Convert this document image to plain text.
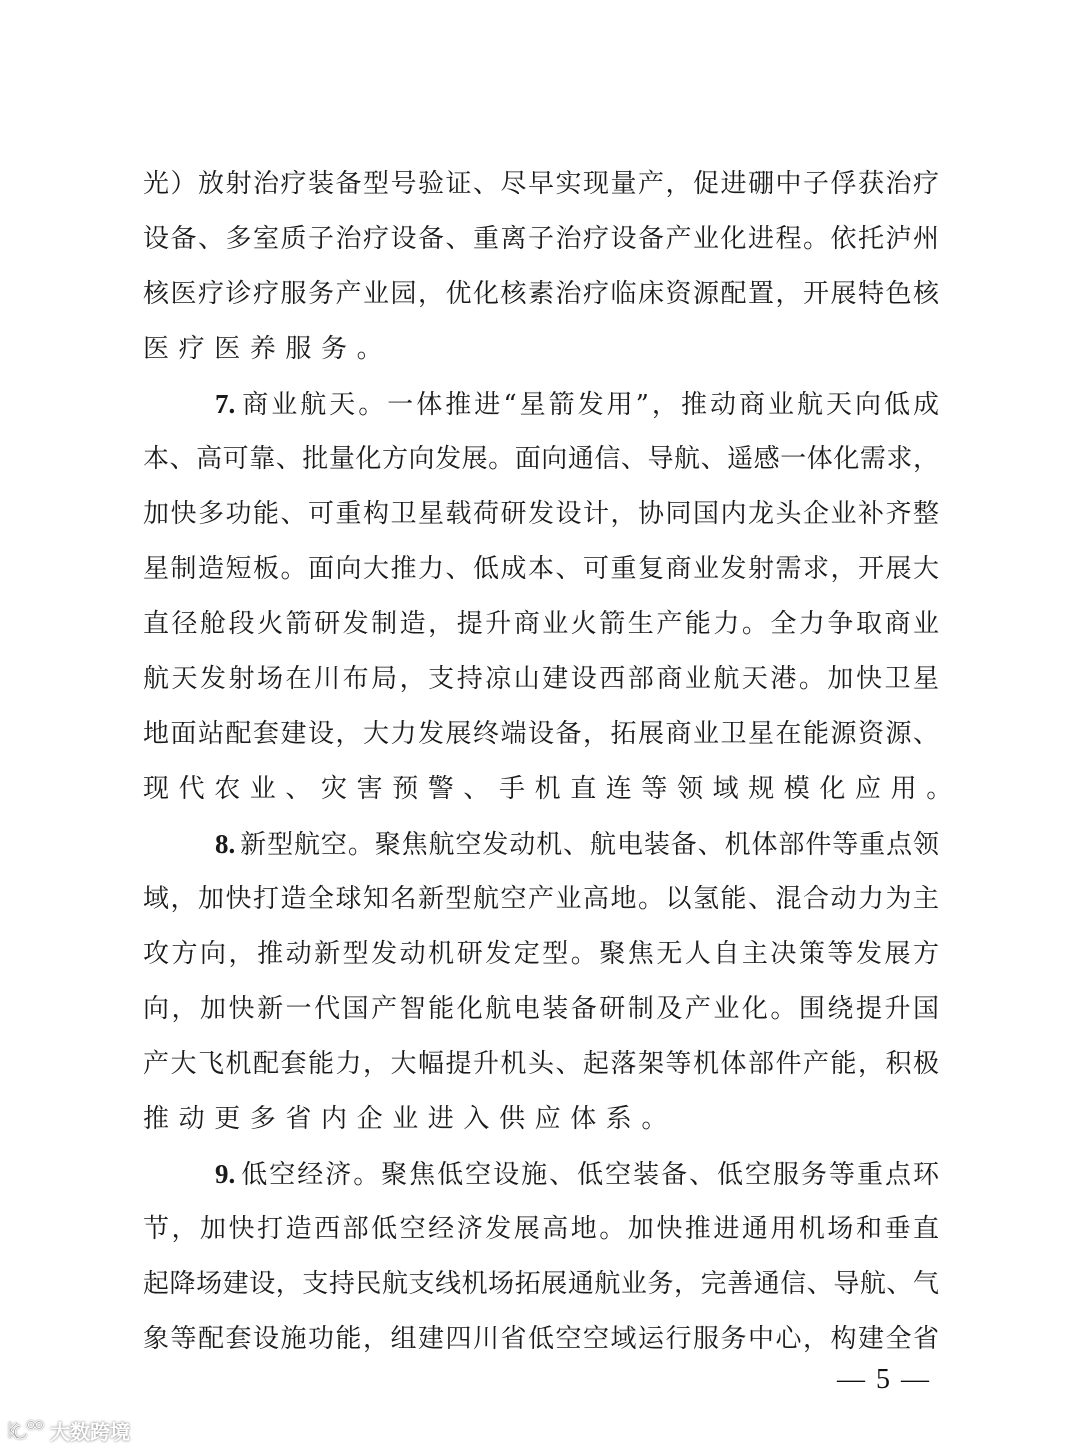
光）放射治疗装备型号验证、尽早实现量产，促进硼中子俘获治疗
设备、多室质子治疗设备、重离子治疗设备产业化进程。依托泸州
核医疗诊疗服务产业园，优化核素治疗临床资源配置，开展特色核
医疗医养服务。
7. 商业航天。一体推进“星箭发用”，推动商业航天向低成
本、高可靠、批量化方向发展。面向通信、导航、遥感一体化需求，
加快多功能、可重构卫星载荷研发设计，协同国内龙头企业补齐整
星制造短板。面向大推力、低成本、可重复商业发射需求，开展大
直径舱段火箭研发制造，提升商业火箭生产能力。全力争取商业
航天发射场在川布局，支持凉山建设西部商业航天港。加快卫星
地面站配套建设，大力发展终端设备，拓展商业卫星在能源资源、
现代农业、灾害预警、手机直连等领域规模化应用。
8. 新型航空。聚焦航空发动机、航电装备、机体部件等重点领
域，加快打造全球知名新型航空产业高地。以氢能、混合动力为主
攻方向，推动新型发动机研发定型。聚焦无人自主决策等发展方
向，加快新一代国产智能化航电装备研制及产业化。围绕提升国
产大飞机配套能力，大幅提升机头、起落架等机体部件产能，积极
推动更多省内企业进入供应体系。
9. 低空经济。聚焦低空设施、低空装备、低空服务等重点环
节，加快打造西部低空经济发展高地。加快推进通用机场和垂直
起降场建设，支持民航支线机场拓展通航业务，完善通信、导航、气
象等配套设施功能，组建四川省低空空域运行服务中心，构建全省
— 5 —
大数跨境
